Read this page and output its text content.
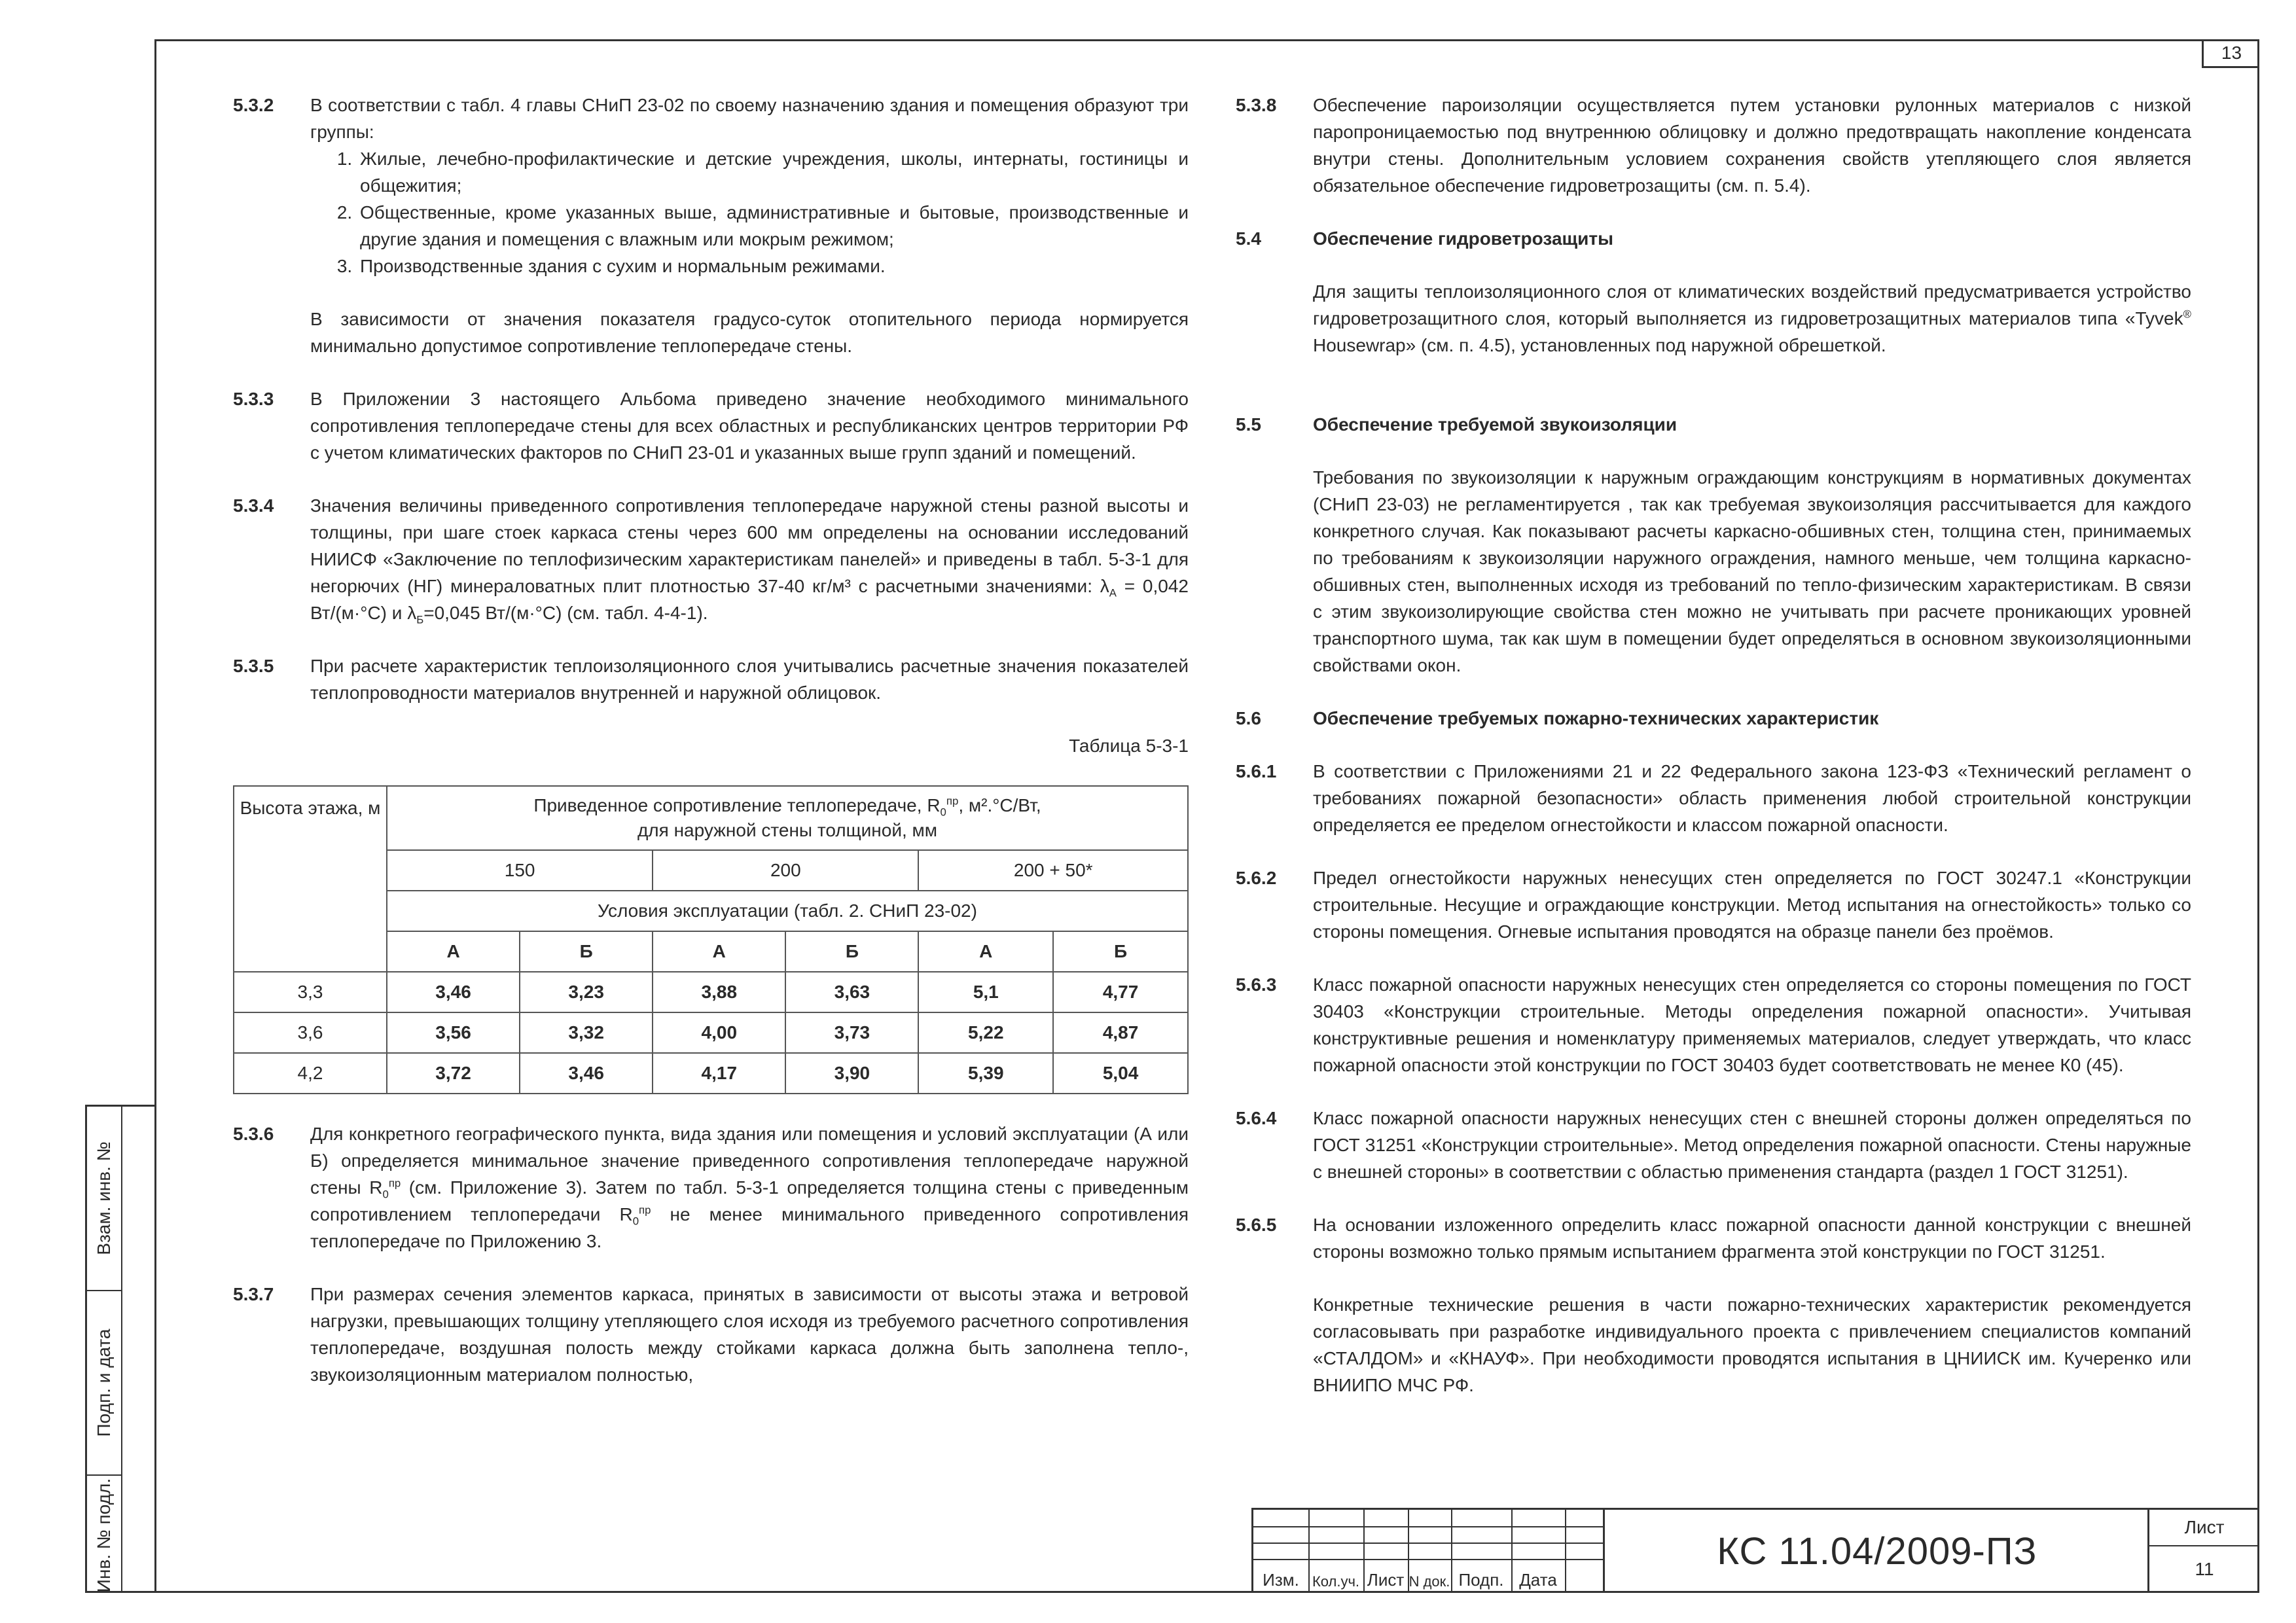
13
Взам. инв. №
Подп. и дата
Инв. № подл.
5.3.2 В соответствии с табл. 4 главы СНиП 23-02 по своему назначению здания и помещения образуют три группы:

1. Жилые, лечебно-профилактические и детские учреждения, школы, интернаты, гостиницы и общежития;
2. Общественные, кроме указанных выше, административные и бытовые, производственные и другие здания и помещения с влажным или мокрым режимом;
3. Производственные здания с сухим и нормальным режимами.

В зависимости от значения показателя градусо-суток отопительного периода нормируется минимально допустимое сопротивление теплопередаче стены.

5.3.3 В Приложении 3 настоящего Альбома приведено значение необходимого минимального сопротивления теплопередаче стены для всех областных и республиканских центров территории РФ с учетом климатических факторов по СНиП 23-01 и указанных выше групп зданий и помещений.

5.3.4 Значения величины приведенного сопротивления теплопередаче наружной стены разной высоты и толщины, при шаге стоек каркаса стены через 600 мм определены на основании исследований НИИСФ «Заключение по теплофизическим характеристикам панелей» и приведены в табл. 5-3-1 для негорючих (НГ) минераловатных плит плотностью 37-40 кг/м³ с расчетными значениями: $\lambda_А = 0,042$ Вт/(м·°С) и $\lambda_Б=0,045$ Вт/(м·°С) (см. табл. 4-4-1).

5.3.5 При расчете характеристик теплоизоляционного слоя учитывались расчетные значения показателей теплопроводности материалов внутренней и наружной облицовок.

Таблица 5-3-1

Высота этажа, м	Приведенное сопротивление теплопередаче, $R_0^{пр}$, м².°С/Вт,
для наружной стены толщиной, мм					
	150		200		200 + 50*	
	Условия эксплуатации (табл. 2. СНиП 23-02)					
	А	Б	А	Б	А	Б
3,3	3,46	3,23	3,88	3,63	5,1	4,77
3,6	3,56	3,32	4,00	3,73	5,22	4,87
4,2	3,72	3,46	4,17	3,90	5,39	5,04
5.3.6 Для конкретного географического пункта, вида здания или помещения и условий эксплуатации (А или Б) определяется минимальное значение приведенного сопротивления теплопередаче наружной стены $R_0^{пр}$ (см. Приложение 3). Затем по табл. 5-3-1 определяется толщина стены с приведенным сопротивлением теплопередачи $R_0^{пр}$ не менее минимального приведенного сопротивления теплопередаче по Приложению 3.

5.3.7 При размерах сечения элементов каркаса, принятых в зависимости от высоты этажа и ветровой нагрузки, превышающих толщину утепляющего слоя исходя из требуемого расчетного сопротивления теплопередаче, воздушная полость между стойками каркаса должна быть заполнена тепло-, звукоизоляционным материалом полностью,

5.3.8 Обеспечение пароизоляции осуществляется путем установки рулонных материалов с низкой паропроницаемостью под внутреннюю облицовку и должно предотвращать накопление конденсата внутри стены. Дополнительным условием сохранения свойств утепляющего слоя является обязательное обеспечение гидроветрозащиты (см. п. 5.4).

5.4	Обеспечение гидроветрозащиты

Для защиты теплоизоляционного слоя от климатических воздействий предусматривается устройство гидроветрозащитного слоя, который выполняется из гидроветрозащитных материалов типа «Tyvek® Housewrap» (см. п. 4.5), установленных под наружной обрешеткой.

5.5	Обеспечение требуемой звукоизоляции

Требования по звукоизоляции к наружным ограждающим конструкциям в нормативных документах (СНиП 23-03) не регламентируется , так как требуемая звукоизоляция рассчитывается для каждого конкретного случая. Как показывают расчеты каркасно-обшивных стен, толщина стен, принимаемых по требованиям к звукоизоляции наружного ограждения, намного меньше, чем толщина каркасно-обшивных стен, выполненных исходя из требований по тепло-физическим характеристикам. В связи с этим звукоизолирующие свойства стен можно не учитывать при расчете проникающих уровней транспортного шума, так как шум в помещении будет определяться в основном звукоизоляционными свойствами окон.

5.6	Обеспечение требуемых пожарно-технических характеристик

5.6.1 В соответствии с Приложениями 21 и 22 Федерального закона 123-ФЗ «Технический регламент о требованиях пожарной безопасности» область применения любой строительной конструкции определяется ее пределом огнестойкости и классом пожарной опасности.

5.6.2 Предел огнестойкости наружных ненесущих стен определяется по ГОСТ 30247.1 «Конструкции строительные. Несущие и ограждающие конструкции. Метод испытания на огнестойкость» только со стороны помещения. Огневые испытания проводятся на образце панели без проёмов.

5.6.3 Класс пожарной опасности наружных ненесущих стен определяется со стороны помещения по ГОСТ 30403 «Конструкции строительные. Методы определения пожарной опасности». Учитывая конструктивные решения и номенклатуру применяемых материалов, следует утверждать, что класс пожарной опасности этой конструкции по ГОСТ 30403 будет соответствовать не менее К0 (45).

5.6.4 Класс пожарной опасности наружных ненесущих стен с внешней стороны должен определяться по ГОСТ 31251 «Конструкции строительные». Метод определения пожарной опасности. Стены наружные с внешней стороны» в соответствии с областью применения стандарта (раздел 1 ГОСТ 31251).

5.6.5 На основании изложенного определить класс пожарной опасности данной конструкции с внешней стороны возможно только прямым испытанием фрагмента этой конструкции по ГОСТ 31251.

Конкретные технические решения в части пожарно-технических характеристик рекомендуется согласовывать при разработке индивидуального проекта с привлечением специалистов компаний «СТАЛДОМ» и «КНАУФ». При необходимости проводятся испытания в ЦНИИСК им. Кучеренко или ВНИИПО МЧС РФ.

Изм. Кол.уч. Лист N док. Подп. Дата
КС 11.04/2009-ПЗ
Лист
11
